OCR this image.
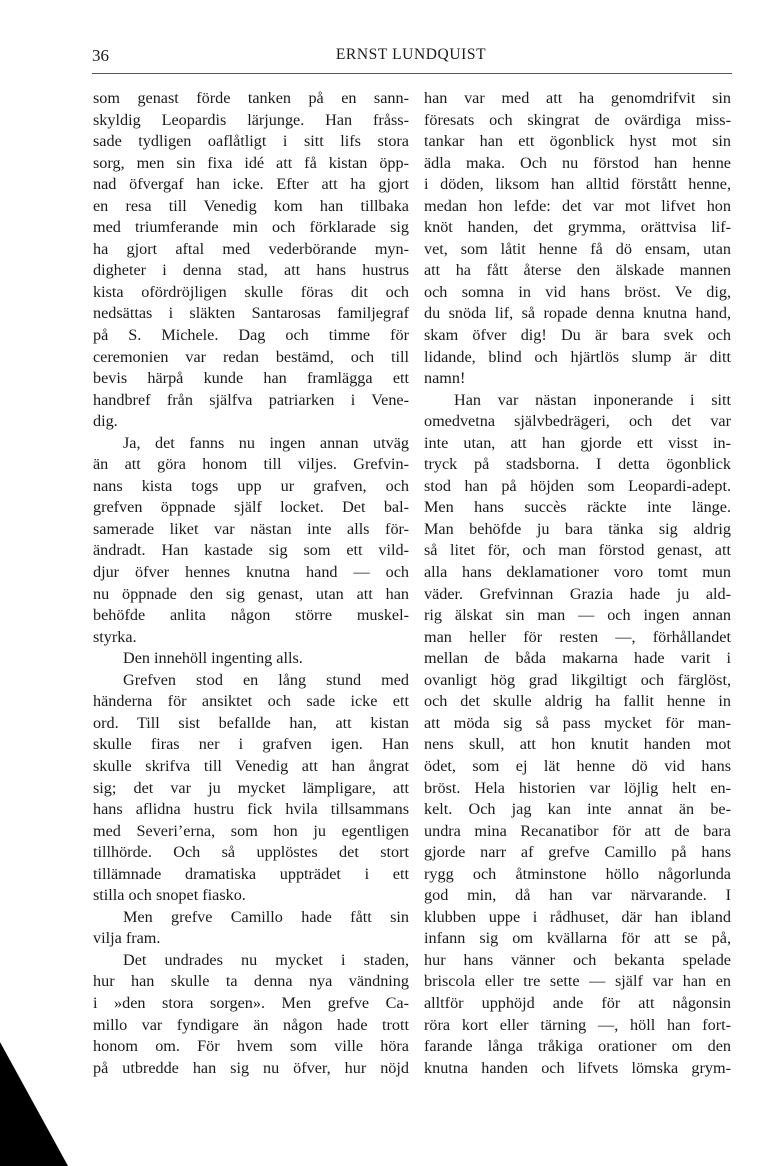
36	ERNST LUNDQUIST
som genast förde tanken på en sann-
skyldig Leopardis lärjunge. Han fråss-
sade tydligen oaflåtligt i sitt lifs stora
sorg, men sin fixa idé att få kistan öpp-
nad öfvergaf han icke. Efter att ha gjort
en resa till Venedig kom han tillbaka
med triumferande min och förklarade sig
ha gjort aftal med vederbörande myn-
digheter i denna stad, att hans hustrus
kista ofördröjligen skulle föras dit och
nedsättas i släkten Santarosas familjegraf
på S. Michele. Dag och timme för
ceremonien var redan bestämd, och till
bevis härpå kunde han framlägga ett
handbref från själfva patriarken i Vene-
dig.
Ja, det fanns nu ingen annan utväg
än att göra honom till viljes. Grefvin-
nans kista togs upp ur grafven, och
grefven öppnade själf locket. Det bal-
samerade liket var nästan inte alls för-
ändradt. Han kastade sig som ett vild-
djur öfver hennes knutna hand — och
nu öppnade den sig genast, utan att han
behöfde anlita någon större muskel-
styrka.
Den innehöll ingenting alls.
Grefven stod en lång stund med
händerna för ansiktet och sade icke ett
ord. Till sist befallde han, att kistan
skulle firas ner i grafven igen. Han
skulle skrifva till Venedig att han ångrat
sig; det var ju mycket lämpligare, att
hans aflidna hustru fick hvila tillsammans
med Severi’erna, som hon ju egentligen
tillhörde. Och så upplöstes det stort
tillämnade dramatiska uppträdet i ett
stilla och snopet fiasko.
Men grefve Camillo hade fått sin
vilja fram.
Det undrades nu mycket i staden,
hur han skulle ta denna nya vändning
i »den stora sorgen». Men grefve Ca-
millo var fyndigare än någon hade trott
honom om. För hvem som ville höra
på utbredde han sig nu öfver, hur nöjd
han var med att ha genomdrifvit sin
föresats och skingrat de ovärdiga miss-
tankar han ett ögonblick hyst mot sin
ädla maka. Och nu förstod han henne
i döden, liksom han alltid förstått henne,
medan hon lefde: det var mot lifvet hon
knöt handen, det grymma, orättvisa lif-
vet, som låtit henne få dö ensam, utan
att ha fått återse den älskade mannen
och somna in vid hans bröst. Ve dig,
du snöda lif, så ropade denna knutna hand,
skam öfver dig! Du är bara svek och
lidande, blind och hjärtlös slump är ditt
namn!
Han var nästan inponerande i sitt
omedvetna självbedrägeri, och det var
inte utan, att han gjorde ett visst in-
tryck på stadsborna. I detta ögonblick
stod han på höjden som Leopardi-adept.
Men hans succès räckte inte länge.
Man behöfde ju bara tänka sig aldrig
så litet för, och man förstod genast, att
alla hans deklamationer voro tomt mun
väder. Grefvinnan Grazia hade ju ald-
rig älskat sin man — och ingen annan
man heller för resten —, förhållandet
mellan de båda makarna hade varit i
ovanligt hög grad likgiltigt och färglöst,
och det skulle aldrig ha fallit henne in
att möda sig så pass mycket för man-
nens skull, att hon knutit handen mot
ödet, som ej lät henne dö vid hans
bröst. Hela historien var löjlig helt en-
kelt. Och jag kan inte annat än be-
undra mina Recanatibor för att de bara
gjorde narr af grefve Camillo på hans
rygg och åtminstone höllo någorlunda
god min, då han var närvarande. I
klubben uppe i rådhuset, där han ibland
infann sig om kvällarna för att se på,
hur hans vänner och bekanta spelade
briscola eller tre sette — själf var han en
alltför upphöjd ande för att någonsin
röra kort eller tärning —, höll han fort-
farande långa tråkiga orationer om den
knutna handen och lifvets lömska grym-
